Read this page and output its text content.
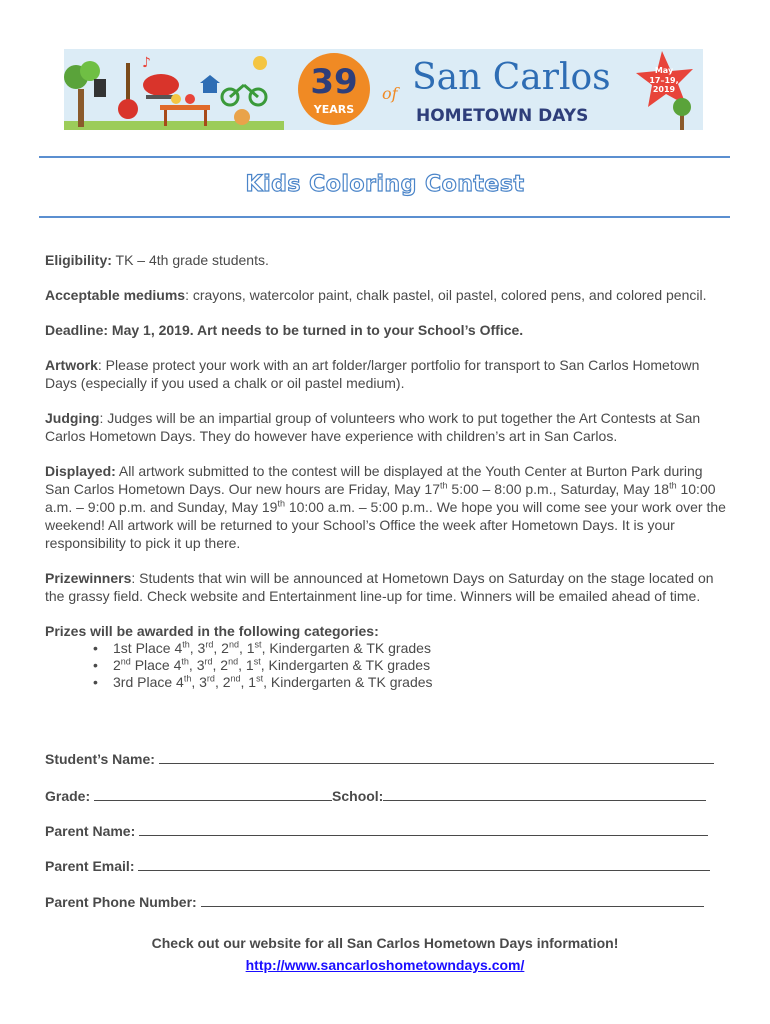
♪	39
YEARS
of San Carlos
HOMETOWN DAYS
May
17–19,
2019
Kids Coloring Contest

Eligibility: TK – 4th grade students.

Acceptable mediums: crayons, watercolor paint, chalk pastel, oil pastel, colored pens, and colored pencil.

Deadline: May 1, 2019. Art needs to be turned in to your School’s Office.

Artwork: Please protect your work with an art folder/larger portfolio for transport to San Carlos Hometown Days (especially if you used a chalk or oil pastel medium).

Judging: Judges will be an impartial group of volunteers who work to put together the Art Contests at San Carlos Hometown Days. They do however have experience with children’s art in San Carlos.

Displayed: All artwork submitted to the contest will be displayed at the Youth Center at Burton Park during San Carlos Hometown Days. Our new hours are Friday, May 17th 5:00 – 8:00 p.m., Saturday, May 18th 10:00 a.m. – 9:00 p.m. and Sunday, May 19th 10:00 a.m. – 5:00 p.m.. We hope you will come see your work over the weekend! All artwork will be returned to your School’s Office the week after Hometown Days. It is your responsibility to pick it up there.

Prizewinners: Students that win will be announced at Hometown Days on Saturday on the stage located on the grassy field. Check website and Entertainment line-up for time. Winners will be emailed ahead of time.

Prizes will be awarded in the following categories:
• 1st Place 4th, 3rd, 2nd, 1st, Kindergarten & TK grades
• 2nd Place 4th, 3rd, 2nd, 1st, Kindergarten & TK grades
• 3rd Place 4th, 3rd, 2nd, 1st, Kindergarten & TK grades
Student’s Name:
Grade:	School:
Parent Name:
Parent Email:
Parent Phone Number:
Check out our website for all San Carlos Hometown Days information!
http://www.sancarloshometowndays.com/
